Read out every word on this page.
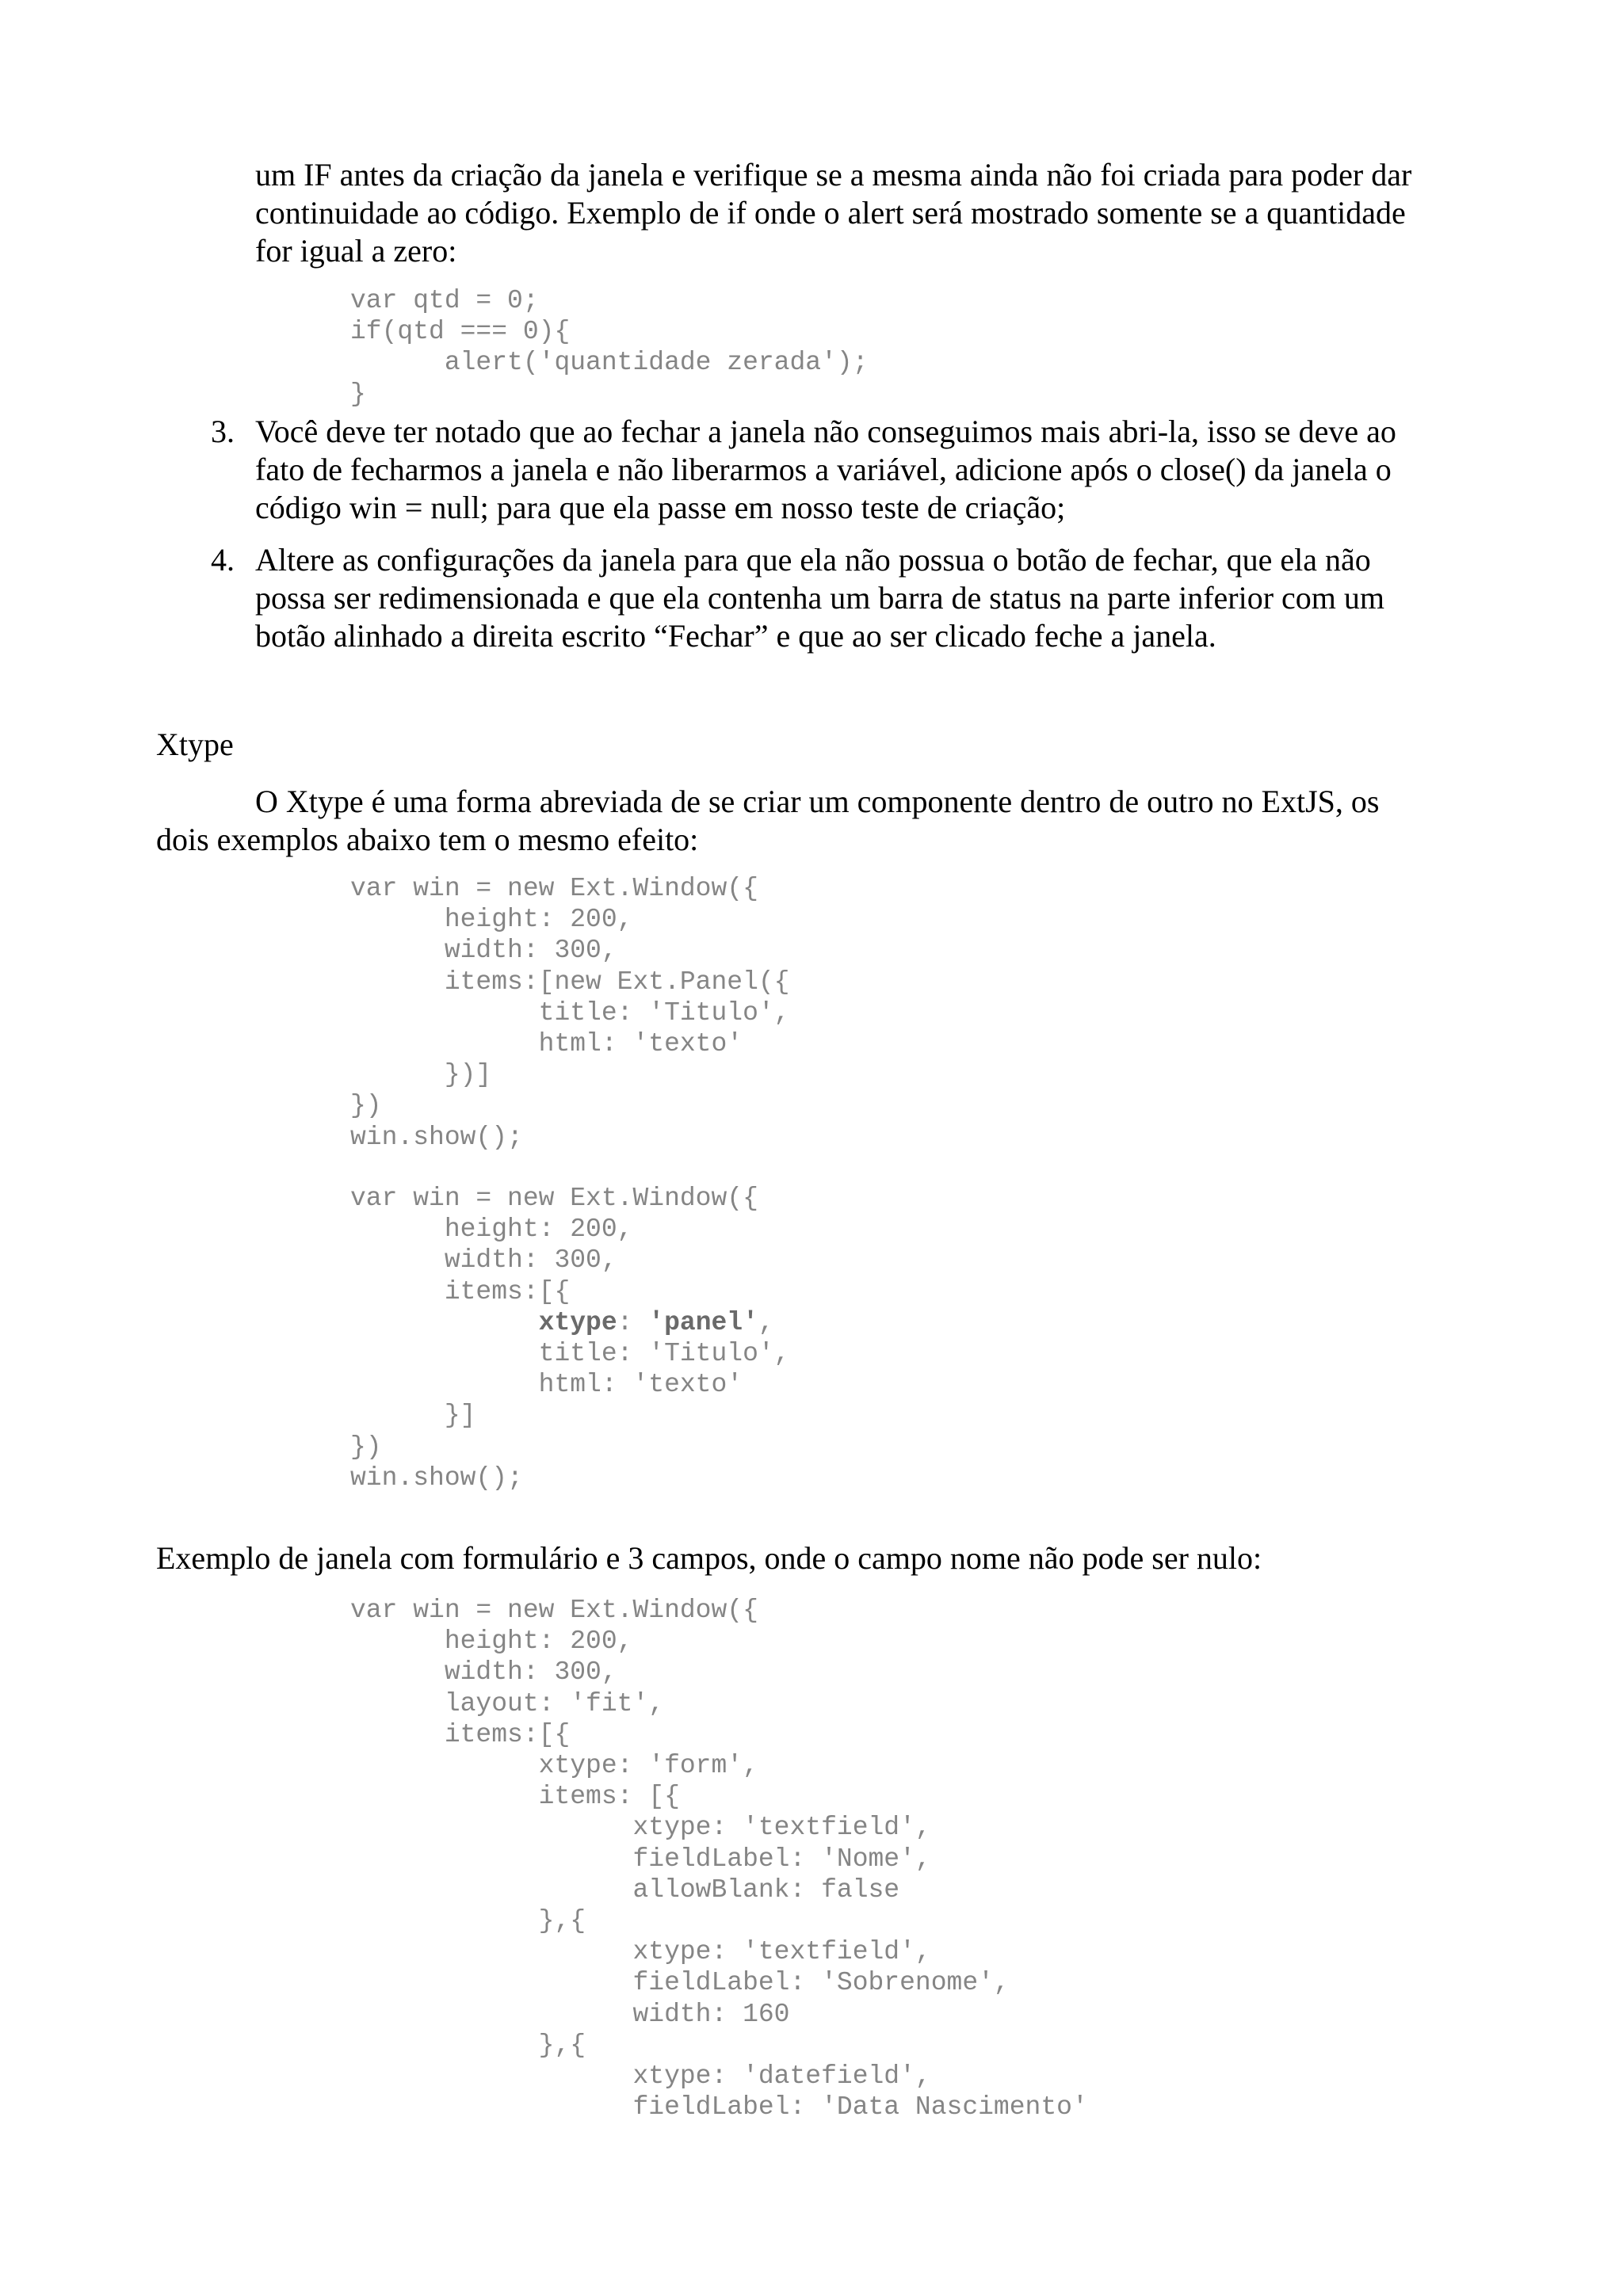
um IF antes da criação da janela e verifique se a mesma ainda não foi criada para poder dar
continuidade ao código. Exemplo de if onde o alert será mostrado somente se a quantidade
for igual a zero:
var qtd = 0;
if(qtd === 0){
alert('quantidade zerada');
}
3. Você deve ter notado que ao fechar a janela não conseguimos mais abri-la, isso se deve ao
fato de fecharmos a janela e não liberarmos a variável, adicione após o close() da janela o
código win = null; para que ela passe em nosso teste de criação;
4. Altere as configurações da janela para que ela não possua o botão de fechar, que ela não
possa ser redimensionada e que ela contenha um barra de status na parte inferior com um
botão alinhado a direita escrito “Fechar” e que ao ser clicado feche a janela.
Xtype
O Xtype é uma forma abreviada de se criar um componente dentro de outro no ExtJS, os
dois exemplos abaixo tem o mesmo efeito:
var win = new Ext.Window({
height: 200,
width: 300,
items:[new Ext.Panel({
title: 'Titulo',
html: 'texto'
})]
})
win.show();
var win = new Ext.Window({
height: 200,
width: 300,
items:[{
xtype: 'panel',
title: 'Titulo',
html: 'texto'
}]
})
win.show();
Exemplo de janela com formulário e 3 campos, onde o campo nome não pode ser nulo:
var win = new Ext.Window({
height: 200,
width: 300,
layout: 'fit',
items:[{
xtype: 'form',
items: [{
xtype: 'textfield',
fieldLabel: 'Nome',
allowBlank: false
},{
xtype: 'textfield',
fieldLabel: 'Sobrenome',
width: 160
},{
xtype: 'datefield',
fieldLabel: 'Data Nascimento'
